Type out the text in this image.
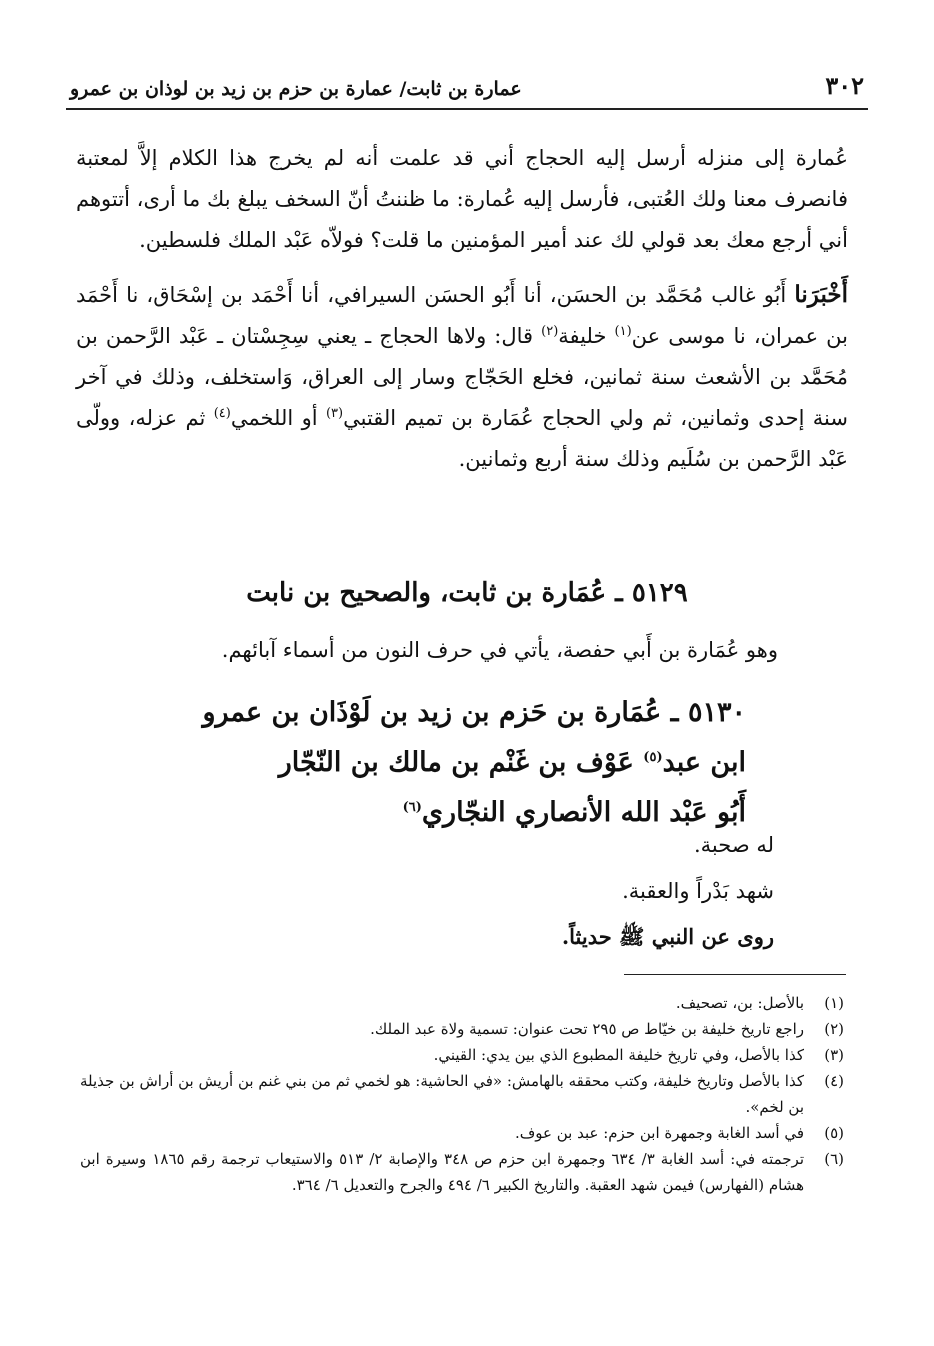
٣٠٢
عمارة بن ثابت/ عمارة بن حزم بن زيد بن لوذان بن عمرو

عُمارة إلى منزله أرسل إليه الحجاج أني قد علمت أنه لم يخرج هذا الكلام إلاَّ لمعتبة فانصرف معنا ولك العُتبى، فأرسل إليه عُمارة: ما ظننتُ أنّ السخف يبلغ بك ما أرى، أتتوهم أني أرجع معك بعد قولي لك عند أمير المؤمنين ما قلت؟ فولاّه عَبْد الملك فلسطين.

أَخْبَرَنا أَبُو غالب مُحَمَّد بن الحسَن، أنا أَبُو الحسَن السيرافي، أنا أَحْمَد بن إسْحَاق، نا أَحْمَد بن عمران، نا موسى عن$^{(١)}$ خليفة$^{(٢)}$ قال: ولاها الحجاج ـ يعني سِجِسْتان ـ عَبْد الرَّحمن بن مُحَمَّد بن الأشعث سنة ثمانين، فخلع الحَجّاج وسار إلى العراق، وَاستخلف، وذلك في آخر سنة إحدى وثمانين، ثم ولي الحجاج عُمَارة بن تميم القتبي$^{(٣)}$ أو اللخمي$^{(٤)}$ ثم عزله، وولّى عَبْد الرَّحمن بن سُلَيم وذلك سنة أربع وثمانين.

٥١٢٩ ـ عُمَارة بن ثابت، والصحيح بن نابت
وهو عُمَارة بن أَبي حفصة، يأتي في حرف النون من أسماء آبائهم.
٥١٣٠ ـ عُمَارة بن حَزم بن زيد بن لَوْذَان بن عمرو
ابن عبد$^{(٥)}$ عَوْف بن غَنْم بن مالك بن النّجّار
أَبُو عَبْد الله الأنصاري النجّاري$^{(٦)}$
له صحبة.
شهد بَدْراً والعقبة.
روى عن النبي ﷺ حديثاً.
(١)
بالأصل: بن، تصحيف.
(٢)
راجع تاريخ خليفة بن خيّاط ص ٢٩٥ تحت عنوان: تسمية ولاة عبد الملك.
(٣)
كذا بالأصل، وفي تاريخ خليفة المطبوع الذي بين يدي: القيني.
(٤)
كذا بالأصل وتاريخ خليفة، وكتب محققه بالهامش: «في الحاشية: هو لخمي ثم من بني غنم بن أريش بن أراش بن جذيلة بن لخم».
(٥)
في أسد الغابة وجمهرة ابن حزم: عبد بن عوف.
(٦)
ترجمته في: أسد الغابة ٣/ ٦٣٤ وجمهرة ابن حزم ص ٣٤٨ والإصابة ٢/ ٥١٣ والاستيعاب ترجمة رقم ١٨٦٥ وسيرة ابن هشام (الفهارس) فيمن شهد العقبة. والتاريخ الكبير ٦/ ٤٩٤ والجرح والتعديل ٦/ ٣٦٤.
